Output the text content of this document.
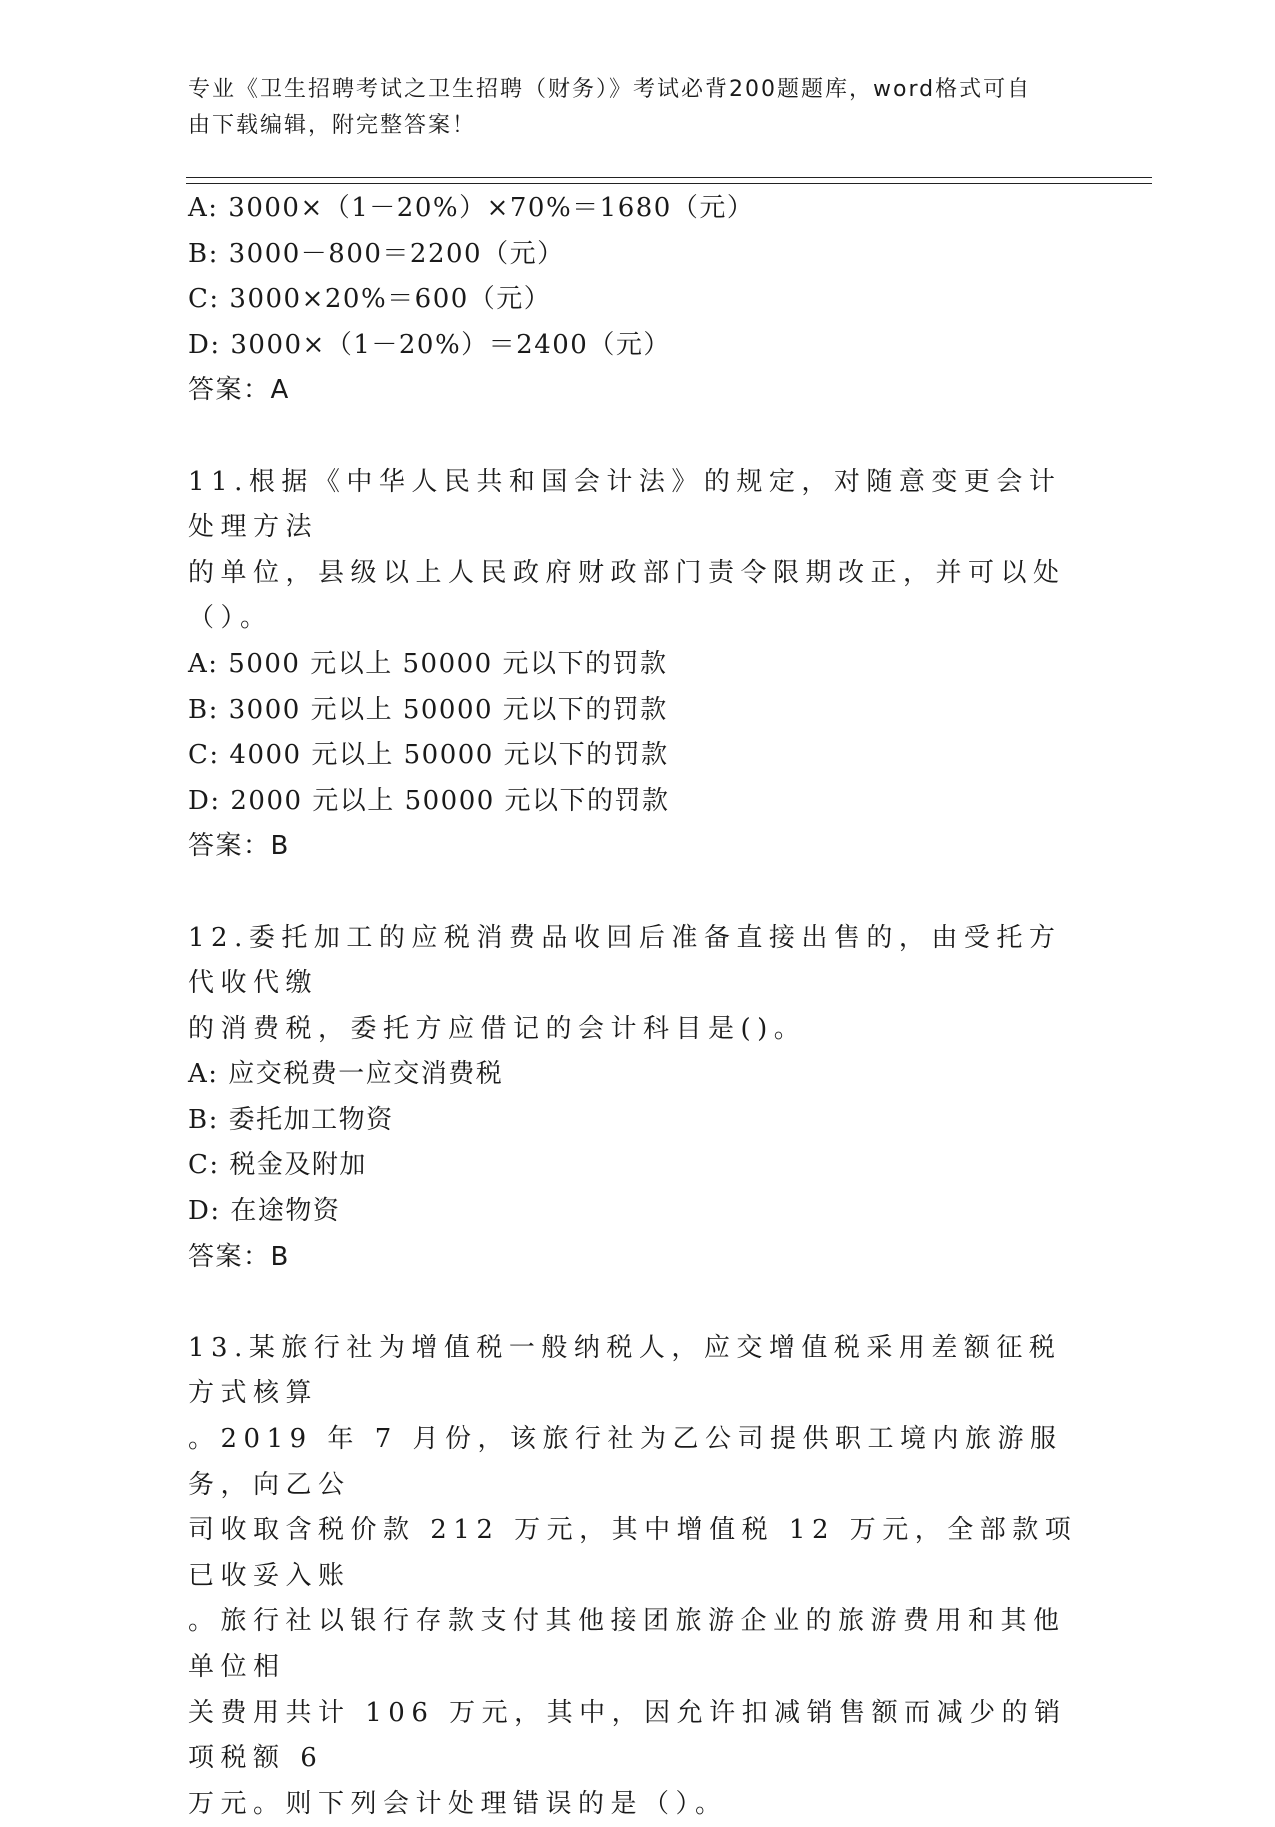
专业《卫生招聘考试之卫生招聘（财务）》考试必背200题题库，word格式可自
由下载编辑，附完整答案！
A: 3000×（1－20%）×70%＝1680（元）
B: 3000－800＝2200（元）
C: 3000×20%＝600（元）
D: 3000×（1－20%）＝2400（元）
答案：A
11.根据《中华人民共和国会计法》的规定，对随意变更会计处理方法
的单位，县级以上人民政府财政部门责令限期改正，并可以处（）。
A: 5000 元以上 50000 元以下的罚款
B: 3000 元以上 50000 元以下的罚款
C: 4000 元以上 50000 元以下的罚款
D: 2000 元以上 50000 元以下的罚款
答案：B
12.委托加工的应税消费品收回后准备直接出售的，由受托方代收代缴
的消费税，委托方应借记的会计科目是()。
A: 应交税费一应交消费税
B: 委托加工物资
C: 税金及附加
D: 在途物资
答案：B
13.某旅行社为增值税一般纳税人，应交增值税采用差额征税方式核算
。2019 年 7 月份，该旅行社为乙公司提供职工境内旅游服务，向乙公
司收取含税价款 212 万元，其中增值税 12 万元，全部款项已收妥入账
。旅行社以银行存款支付其他接团旅游企业的旅游费用和其他单位相
关费用共计 106 万元，其中，因允许扣减销售额而减少的销项税额 6
万元。则下列会计处理错误的是（）。
